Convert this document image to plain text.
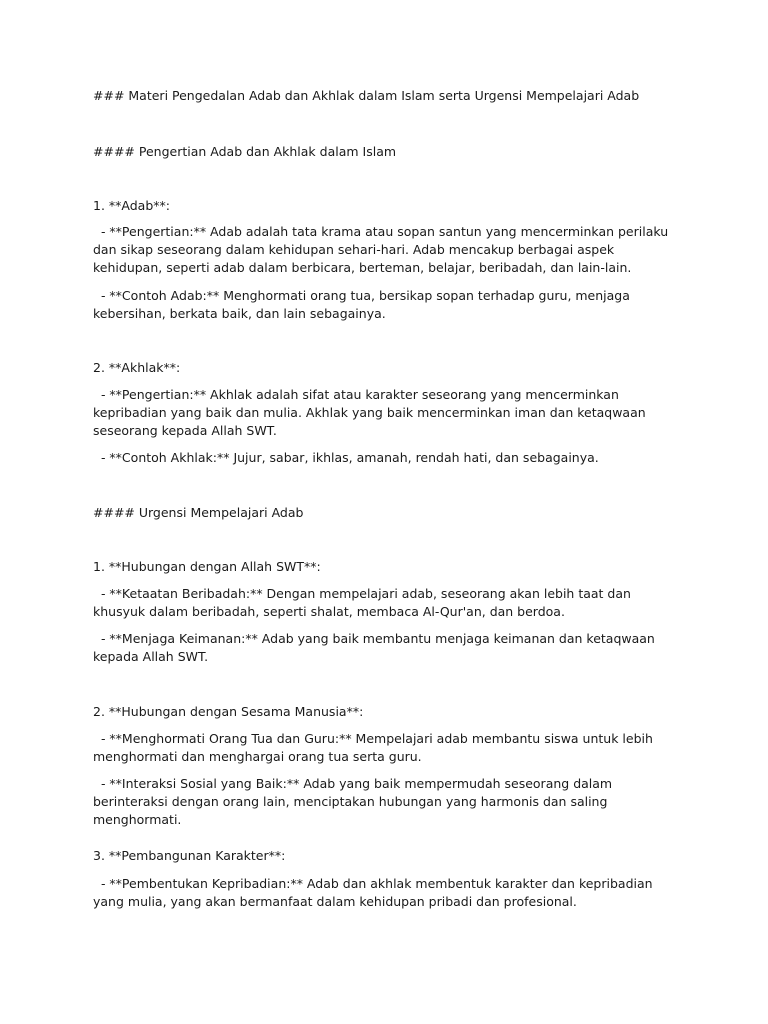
### Materi Pengedalan Adab dan Akhlak dalam Islam serta Urgensi Mempelajari Adab
#### Pengertian Adab dan Akhlak dalam Islam
1. **Adab**:
- **Pengertian:** Adab adalah tata krama atau sopan santun yang mencerminkan perilaku dan sikap seseorang dalam kehidupan sehari-hari. Adab mencakup berbagai aspek kehidupan, seperti adab dalam berbicara, berteman, belajar, beribadah, dan lain-lain.
- **Contoh Adab:** Menghormati orang tua, bersikap sopan terhadap guru, menjaga kebersihan, berkata baik, dan lain sebagainya.
2. **Akhlak**:
- **Pengertian:** Akhlak adalah sifat atau karakter seseorang yang mencerminkan kepribadian yang baik dan mulia. Akhlak yang baik mencerminkan iman dan ketaqwaan seseorang kepada Allah SWT.
- **Contoh Akhlak:** Jujur, sabar, ikhlas, amanah, rendah hati, dan sebagainya.
#### Urgensi Mempelajari Adab
1. **Hubungan dengan Allah SWT**:
- **Ketaatan Beribadah:** Dengan mempelajari adab, seseorang akan lebih taat dan khusyuk dalam beribadah, seperti shalat, membaca Al-Qur'an, dan berdoa.
- **Menjaga Keimanan:** Adab yang baik membantu menjaga keimanan dan ketaqwaan kepada Allah SWT.
2. **Hubungan dengan Sesama Manusia**:
- **Menghormati Orang Tua dan Guru:** Mempelajari adab membantu siswa untuk lebih menghormati dan menghargai orang tua serta guru.
- **Interaksi Sosial yang Baik:** Adab yang baik mempermudah seseorang dalam berinteraksi dengan orang lain, menciptakan hubungan yang harmonis dan saling menghormati.
3. **Pembangunan Karakter**:
- **Pembentukan Kepribadian:** Adab dan akhlak membentuk karakter dan kepribadian yang mulia, yang akan bermanfaat dalam kehidupan pribadi dan profesional.
